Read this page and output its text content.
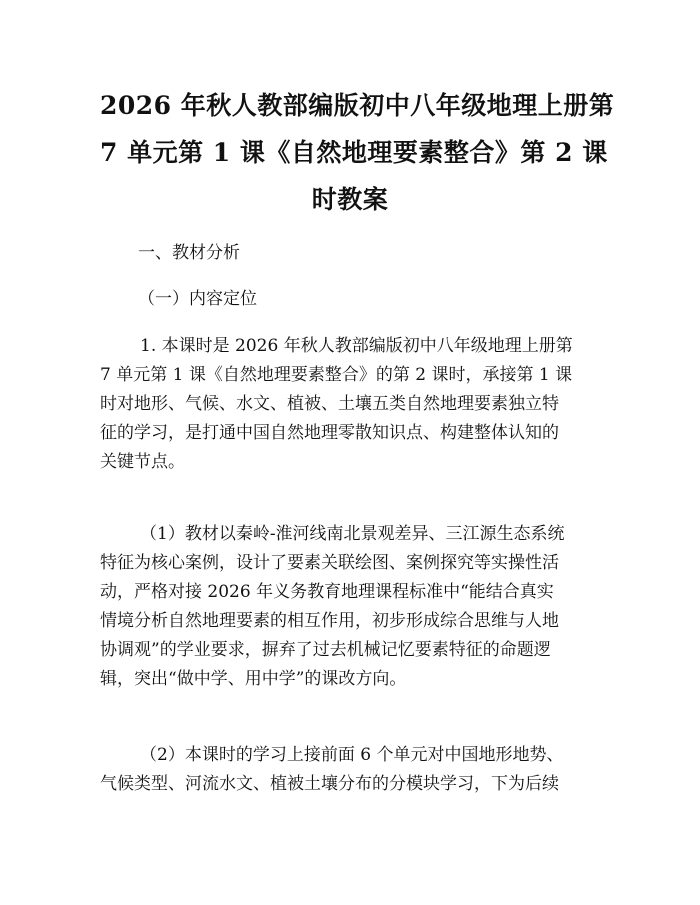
2026 年秋人教部编版初中八年级地理上册第
7 单元第 1 课《自然地理要素整合》第 2 课
时教案
一、教材分析
（一）内容定位
1. 本课时是 2026 年秋人教部编版初中八年级地理上册第
7 单元第 1 课《自然地理要素整合》的第 2 课时，承接第 1 课
时对地形、气候、水文、植被、土壤五类自然地理要素独立特
征的学习，是打通中国自然地理零散知识点、构建整体认知的
关键节点。
（1）教材以秦岭-淮河线南北景观差异、三江源生态系统
特征为核心案例，设计了要素关联绘图、案例探究等实操性活
动，严格对接 2026 年义务教育地理课程标准中“能结合真实
情境分析自然地理要素的相互作用，初步形成综合思维与人地
协调观”的学业要求，摒弃了过去机械记忆要素特征的命题逻
辑，突出“做中学、用中学”的课改方向。
（2）本课时的学习上接前面 6 个单元对中国地形地势、
气候类型、河流水文、植被土壤分布的分模块学习，下为后续
